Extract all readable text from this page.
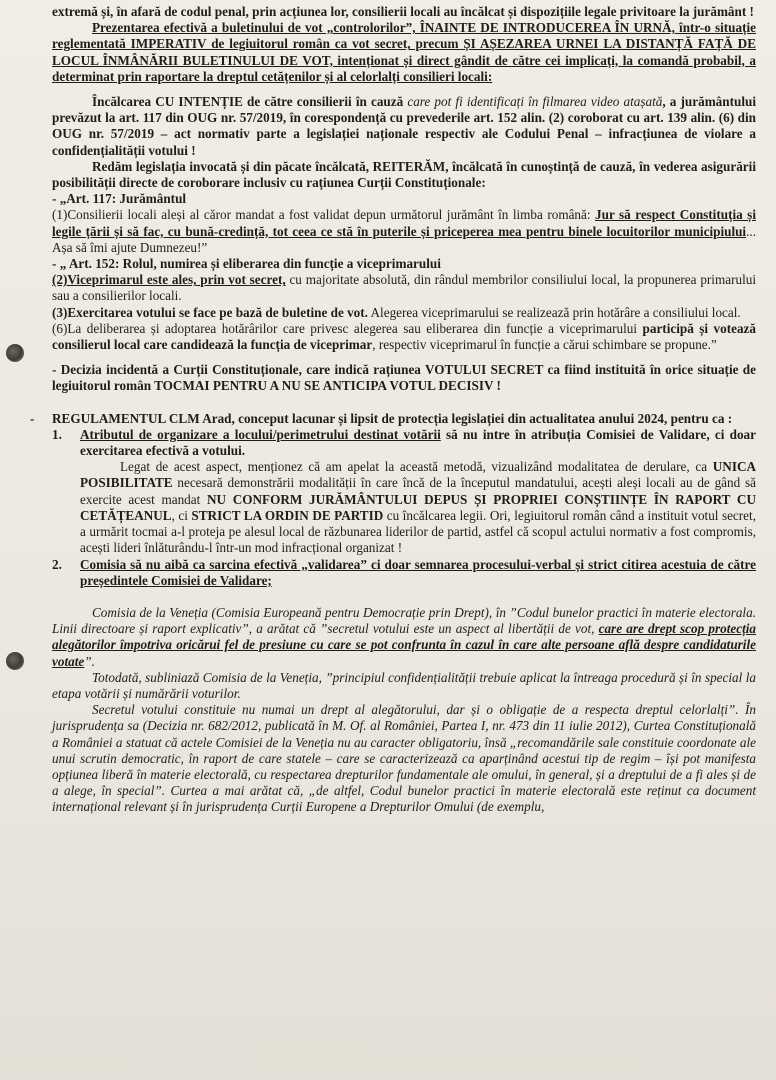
extremă și, în afară de codul penal, prin acțiunea lor, consilierii locali au încălcat și dispozițiile legale privitoare la jurământ !

Prezentarea efectivă a buletinului de vot „controlorilor”, ÎNAINTE DE INTRODUCEREA ÎN URNĂ, într-o situație reglementată IMPERATIV de legiuitorul român ca vot secret, precum ȘI AȘEZAREA URNEI LA DISTANȚĂ FAȚĂ DE LOCUL ÎNMÂNĂRII BULETINULUI DE VOT, intenționat și direct gândit de către cei implicați, la comandă probabil, a determinat prin raportare la dreptul cetățenilor și al celorlalți consilieri locali:

Încălcarea CU INTENȚIE de către consilierii în cauză care pot fi identificați în filmarea video atașată, a jurământului prevăzut la art. 117 din OUG nr. 57/2019, în corespondență cu prevederile art. 152 alin. (2) coroborat cu art. 139 alin. (6) din OUG nr. 57/2019 – act normativ parte a legislației naționale respectiv ale Codului Penal – infracțiunea de violare a confidențialității votului !

Redăm legislația invocată și din păcate încălcată, REITERĂM, încălcată în cunoștință de cauză, în vederea asigurării posibilității directe de coroborare inclusiv cu rațiunea Curții Constituționale:

- „Art. 117: Jurământul

(1)Consilierii locali aleși al căror mandat a fost validat depun următorul jurământ în limba română: Jur să respect Constituția și legile țării și să fac, cu bună-credință, tot ceea ce stă în puterile și priceperea mea pentru binele locuitorilor municipiului... Așa să îmi ajute Dumnezeu!”

- „ Art. 152: Rolul, numirea și eliberarea din funcție a viceprimarului

(2)Viceprimarul este ales, prin vot secret, cu majoritate absolută, din rândul membrilor consiliului local, la propunerea primarului sau a consilierilor locali.

(3)Exercitarea votului se face pe bază de buletine de vot. Alegerea viceprimarului se realizează prin hotărâre a consiliului local.

(6)La deliberarea și adoptarea hotărârilor care privesc alegerea sau eliberarea din funcție a viceprimarului participă și votează consilierul local care candidează la funcția de viceprimar, respectiv viceprimarul în funcție a cărui schimbare se propune.”

- Decizia incidentă a Curții Constituționale, care indică rațiunea VOTULUI SECRET ca fiind instituită în orice situație de legiuitorul român TOCMAI PENTRU A NU SE ANTICIPA VOTUL DECISIV !

- REGULAMENTUL CLM Arad, conceput lacunar și lipsit de protecția legislației din actualitatea anului 2024, pentru ca :

1.	Atributul de organizare a locului/perimetrului destinat votării să nu intre în atribuția Comisiei de Validare, ci doar exercitarea efectivă a votului.

Legat de acest aspect, menționez că am apelat la această metodă, vizualizând modalitatea de derulare, ca UNICA POSIBILITATE necesară demonstrării modalității în care încă de la începutul mandatului, acești aleși locali au de gând să exercite acest mandat NU CONFORM JURĂMÂNTULUI DEPUS ȘI PROPRIEI CONȘTIINȚE ÎN RAPORT CU CETĂȚEANUL, ci STRICT LA ORDIN DE PARTID cu încălcarea legii. Ori, legiuitorul român când a instituit votul secret, a urmărit tocmai a-l proteja pe alesul local de răzbunarea liderilor de partid, astfel că scopul actului normativ a fost compromis, acești lideri înlăturându-l într-un mod infracțional organizat !

2.	Comisia să nu aibă ca sarcina efectivă „validarea” ci doar semnarea procesului-verbal și strict citirea acestuia de către președintele Comisiei de Validare;

Comisia de la Veneția (Comisia Europeană pentru Democrație prin Drept), în ”Codul bunelor practici în materie electorala. Linii directoare și raport explicativ”, a arătat că ”secretul votului este un aspect al libertății de vot, care are drept scop protecția alegătorilor împotriva oricărui fel de presiune cu care se pot confrunta în cazul în care alte persoane află despre candidaturile votate”.

Totodată, subliniază Comisia de la Veneția, ”principiul confidențialității trebuie aplicat la întreaga procedură și în special la etapa votării și numărării voturilor.

Secretul votului constituie nu numai un drept al alegătorului, dar și o obligație de a respecta dreptul celorlalți”. În jurisprudența sa (Decizia nr. 682/2012, publicată în M. Of. al României, Partea I, nr. 473 din 11 iulie 2012), Curtea Constituțională a României a statuat că actele Comisiei de la Veneția nu au caracter obligatoriu, însă „recomandările sale constituie coordonate ale unui scrutin democratic, în raport de care statele – care se caracterizează ca aparținând acestui tip de regim – își pot manifesta opțiunea liberă în materie electorală, cu respectarea drepturilor fundamentale ale omului, în general, și a dreptului de a fi ales și de a alege, în special”. Curtea a mai arătat că, „de altfel, Codul bunelor practici în materie electorală este reținut ca document internațional relevant și în jurisprudența Curții Europene a Drepturilor Omului (de exemplu,
